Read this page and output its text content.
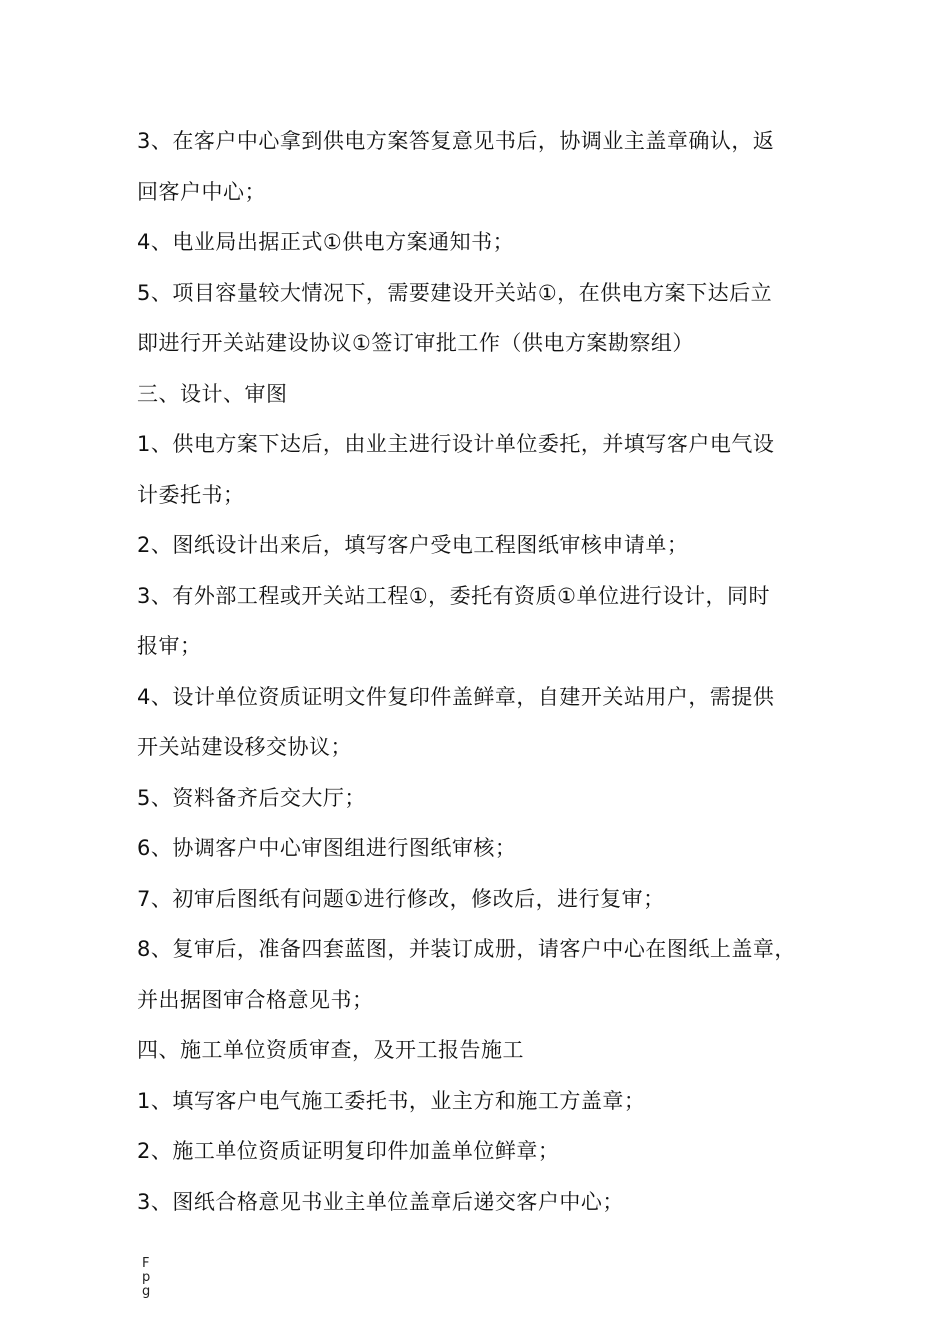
3、在客户中心拿到供电方案答复意见书后，协调业主盖章确认，返
回客户中心；
4、电业局出据正式①供电方案通知书；
5、项目容量较大情况下，需要建设开关站①，在供电方案下达后立
即进行开关站建设协议①签订审批工作（供电方案勘察组）
三、设计、审图
1、供电方案下达后，由业主进行设计单位委托，并填写客户电气设
计委托书；
2、图纸设计出来后，填写客户受电工程图纸审核申请单；
3、有外部工程或开关站工程①，委托有资质①单位进行设计，同时
报审；
4、设计单位资质证明文件复印件盖鲜章，自建开关站用户，需提供
开关站建设移交协议；
5、资料备齐后交大厅；
6、协调客户中心审图组进行图纸审核；
7、初审后图纸有问题①进行修改，修改后，进行复审；
8、复审后，准备四套蓝图，并装订成册，请客户中心在图纸上盖章，
并出据图审合格意见书；
四、施工单位资质审查，及开工报告施工
1、填写客户电气施工委托书，业主方和施工方盖章；
2、施工单位资质证明复印件加盖单位鲜章；
3、图纸合格意见书业主单位盖章后递交客户中心；
F
p
g
